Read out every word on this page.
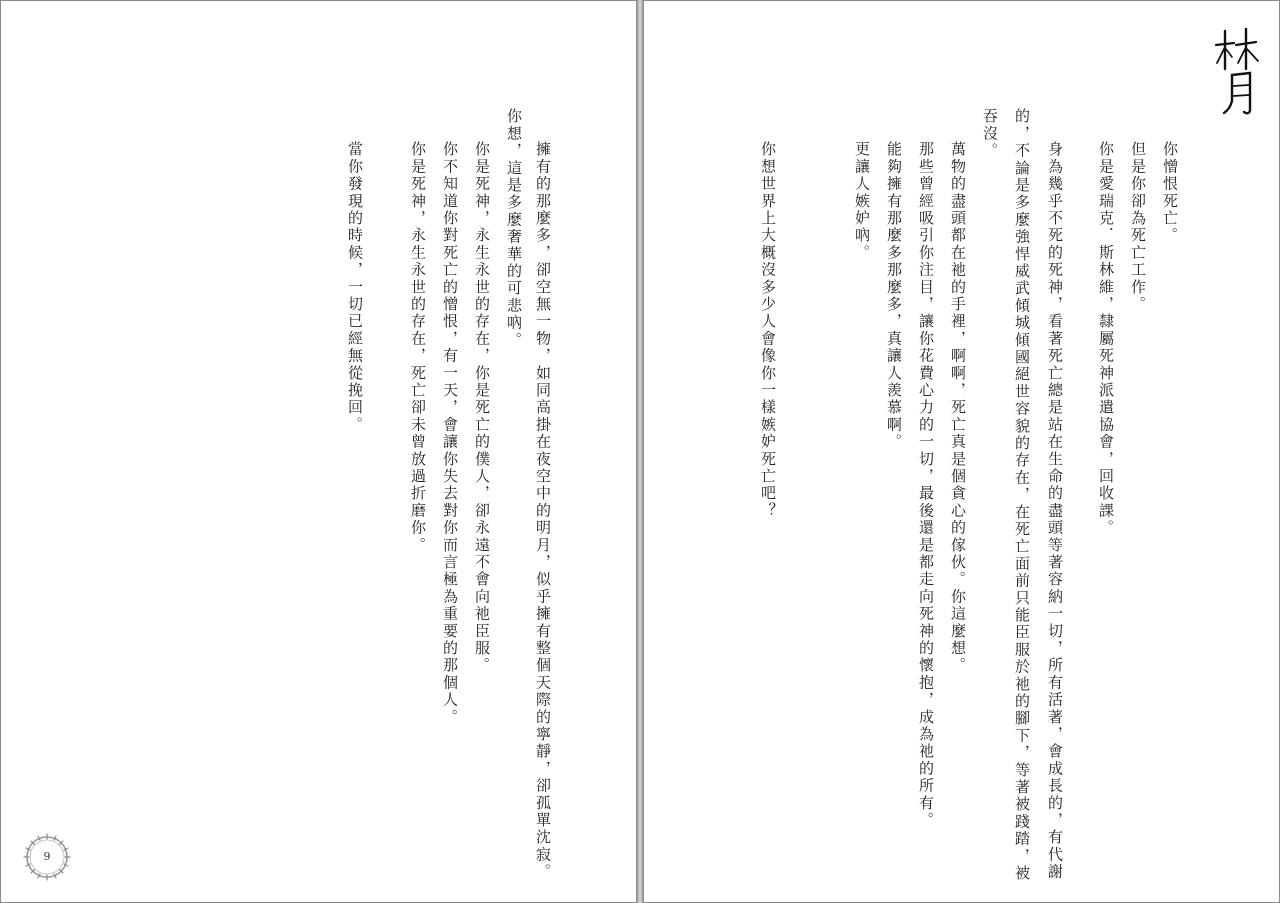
你想，這是多麼奢華的可悲吶。 擁有的那麼多，卻空無一物，如同高掛在夜空中的明月，似乎擁有整個天際的寧靜，卻孤單沈寂。
你是死神，永生永世的存在，你是死亡的僕人，卻永遠不會向祂臣服。
你不知道你對死亡的憎恨，有一天，會讓你失去對你而言極為重要的那個人。
你是死神，永生永世的存在，死亡卻未曾放過折磨你。
當你發現的時候，一切已經無從挽回。
9
你憎恨死亡。
但是你卻為死亡工作。
你是愛瑞克．斯林維，隸屬死神派遣協會，回收課。
身為幾乎不死的死神，看著死亡總是站在生命的盡頭等著容納一切，所有活著，會成長的，有代謝
的，不論是多麼強悍威武傾城傾國絕世容貌的存在，在死亡面前只能臣服於祂的腳下，等著被踐踏，被
吞沒。
萬物的盡頭都在祂的手裡，啊啊，死亡真是個貪心的傢伙。你這麼想。
那些曾經吸引你注目，讓你花費心力的一切，最後還是都走向死神的懷抱，成為祂的所有。
能夠擁有那麼多那麼多，真讓人羨慕啊。
更讓人嫉妒吶。
你想世界上大概沒多少人會像你一樣嫉妒死亡吧？
